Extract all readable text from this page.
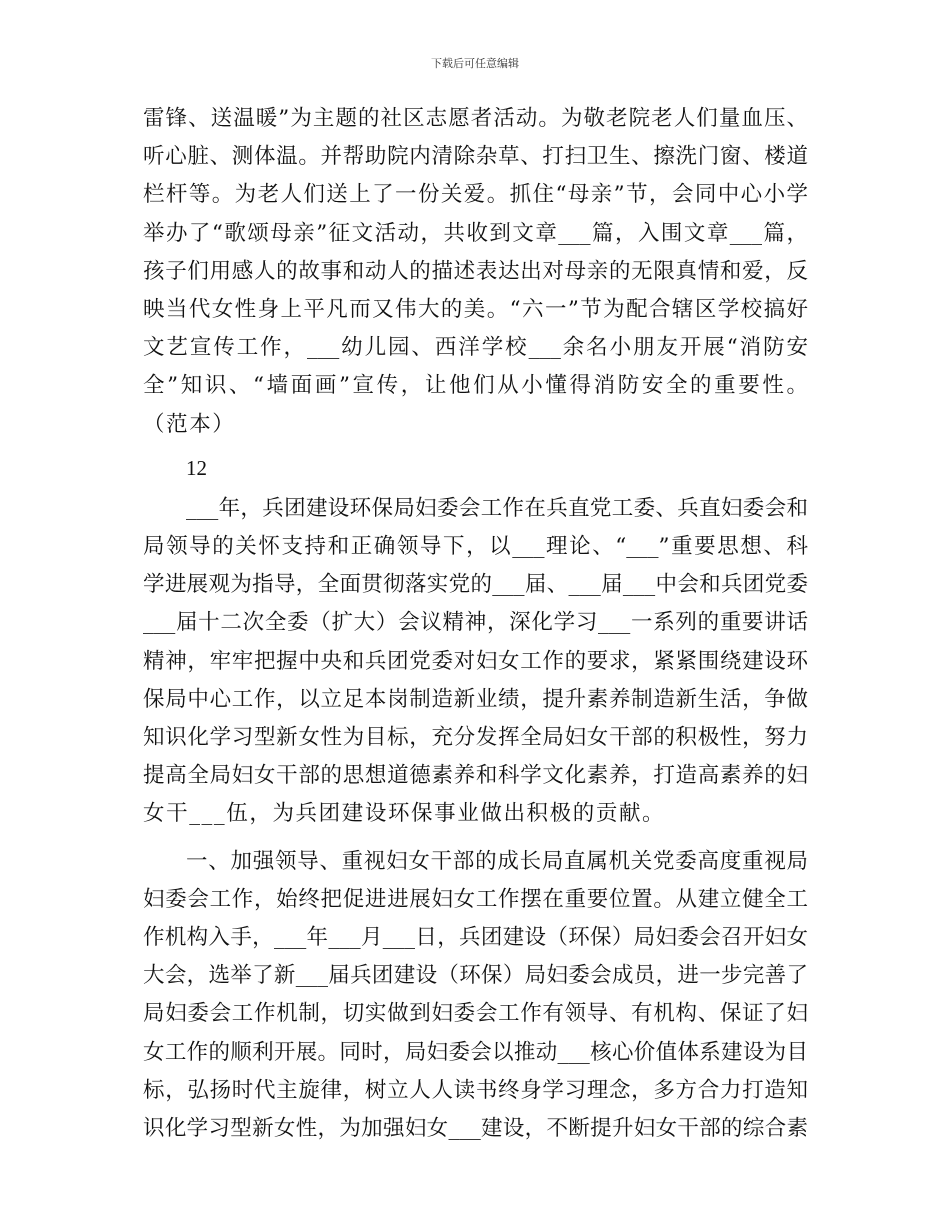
下载后可任意编辑
雷锋、送温暖”为主题的社区志愿者活动。为敬老院老人们量血压、
听心脏、测体温。并帮助院内清除杂草、打扫卫生、擦洗门窗、楼道
栏杆等。为老人们送上了一份关爱。抓住“母亲”节，会同中心小学
举办了“歌颂母亲”征文活动，共收到文章___篇，入围文章___篇，
孩子们用感人的故事和动人的描述表达出对母亲的无限真情和爱，反
映当代女性身上平凡而又伟大的美。“六一”节为配合辖区学校搞好
文艺宣传工作，___幼儿园、西洋学校___余名小朋友开展“消防安
全”知识、“墙面画”宣传，让他们从小懂得消防安全的重要性。
（范本）
12
___年，兵团建设环保局妇委会工作在兵直党工委、兵直妇委会和
局领导的关怀支持和正确领导下，以___理论、“___”重要思想、科
学进展观为指导，全面贯彻落实党的___届、___届___中会和兵团党委
___届十二次全委（扩大）会议精神，深化学习___一系列的重要讲话
精神，牢牢把握中央和兵团党委对妇女工作的要求，紧紧围绕建设环
保局中心工作，以立足本岗制造新业绩，提升素养制造新生活，争做
知识化学习型新女性为目标，充分发挥全局妇女干部的积极性，努力
提高全局妇女干部的思想道德素养和科学文化素养，打造高素养的妇
女干___伍，为兵团建设环保事业做出积极的贡献。
一、加强领导、重视妇女干部的成长局直属机关党委高度重视局
妇委会工作，始终把促进进展妇女工作摆在重要位置。从建立健全工
作机构入手，___年___月___日，兵团建设（环保）局妇委会召开妇女
大会，选举了新___届兵团建设（环保）局妇委会成员，进一步完善了
局妇委会工作机制，切实做到妇委会工作有领导、有机构、保证了妇
女工作的顺利开展。同时，局妇委会以推动___核心价值体系建设为目
标，弘扬时代主旋律，树立人人读书终身学习理念，多方合力打造知
识化学习型新女性，为加强妇女___建设，不断提升妇女干部的综合素
